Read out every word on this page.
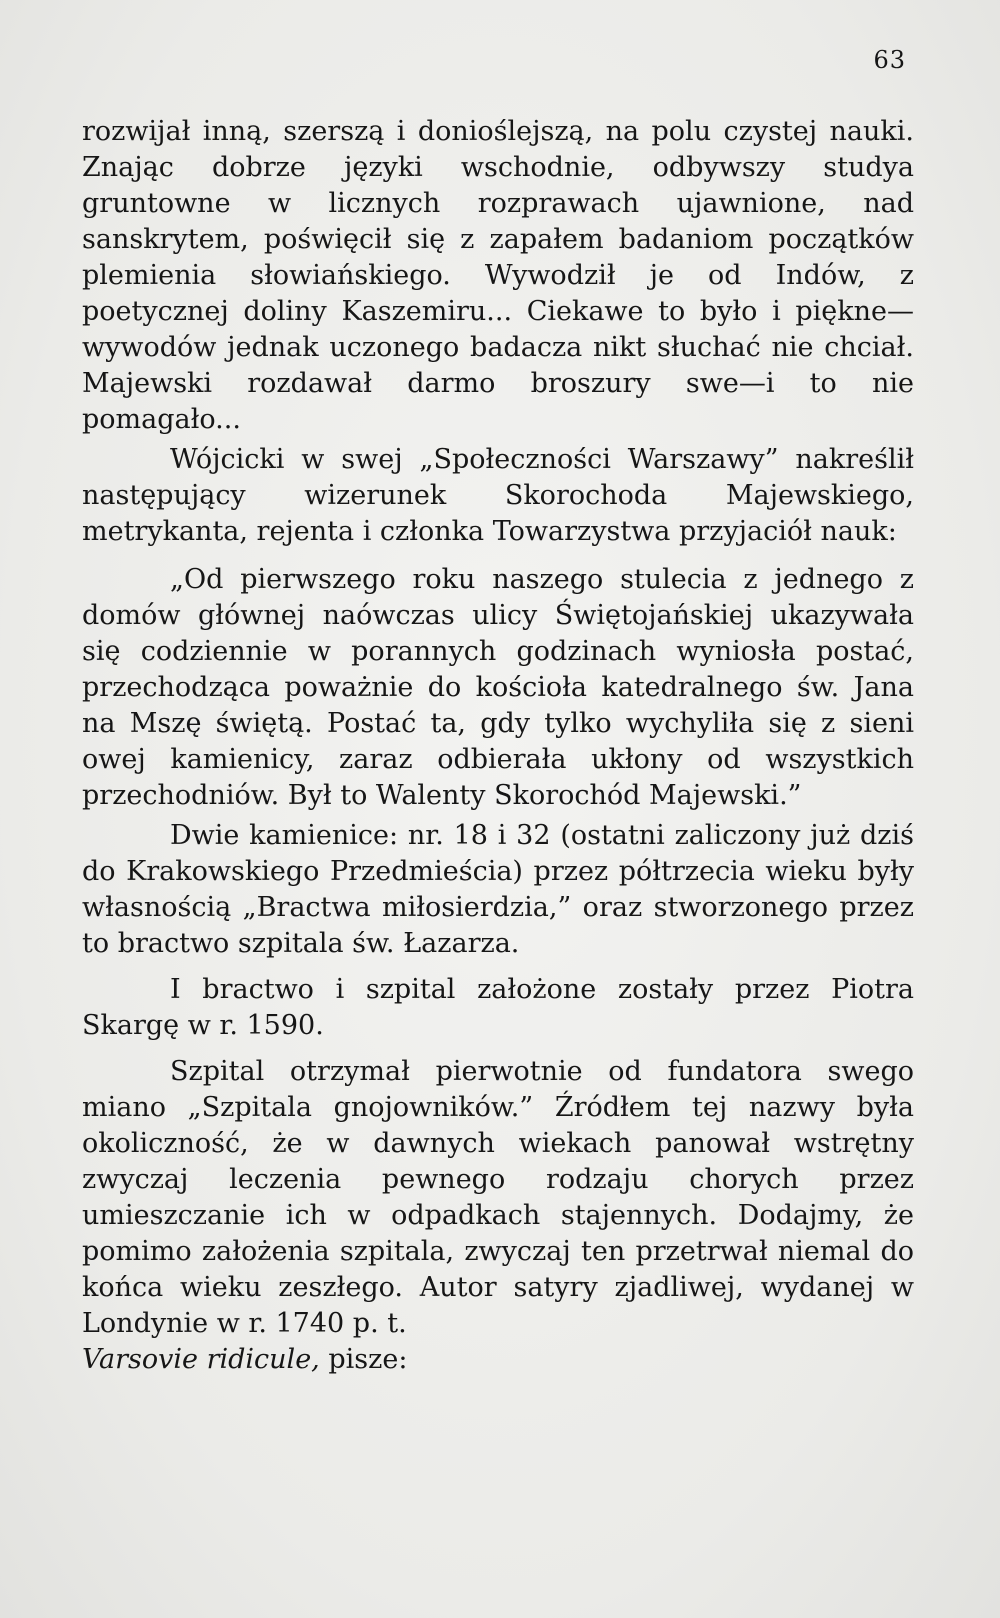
63

rozwijał inną, szerszą i donioślejszą, na polu czystej nauki. Znając dobrze języki wschodnie, odbywszy studya gruntowne w licznych rozprawach ujawnione, nad sanskrytem, poświęcił się z zapałem badaniom początków plemienia słowiańskiego. Wywodził je od Indów, z poetycznej doliny Kaszemiru... Ciekawe to było i piękne—wywodów jednak uczonego badacza nikt słuchać nie chciał. Majewski rozdawał darmo broszury swe—i to nie pomagało...

Wójcicki w swej „Społeczności Warszawy” nakreślił następujący wizerunek Skorochoda Majewskiego, metrykanta, rejenta i członka Towarzystwa przyjaciół nauk:

„Od pierwszego roku naszego stulecia z jednego z domów głównej naówczas ulicy Świętojańskiej ukazywała się codziennie w porannych godzinach wyniosła postać, przechodząca poważnie do kościoła katedralnego św. Jana na Mszę świętą. Postać ta, gdy tylko wychyliła się z sieni owej kamienicy, zaraz odbierała ukłony od wszystkich przechodniów. Był to Walenty Skorochód Majewski.”

Dwie kamienice: nr. 18 i 32 (ostatni zaliczony już dziś do Krakowskiego Przedmieścia) przez półtrzecia wieku były własnością „Bractwa miłosierdzia,” oraz stworzonego przez to bractwo szpitala św. Łazarza.

I bractwo i szpital założone zostały przez Piotra Skargę w r. 1590.

Szpital otrzymał pierwotnie od fundatora swego miano „Szpitala gnojowników.” Źródłem tej nazwy była okoliczność, że w dawnych wiekach panował wstrętny zwyczaj leczenia pewnego rodzaju chorych przez umieszczanie ich w odpadkach stajennych. Dodajmy, że pomimo założenia szpitala, zwyczaj ten przetrwał niemal do końca wieku zeszłego. Autor satyry zjadliwej, wydanej w Londynie w r. 1740 p. t.

Varsovie ridicule, pisze:
